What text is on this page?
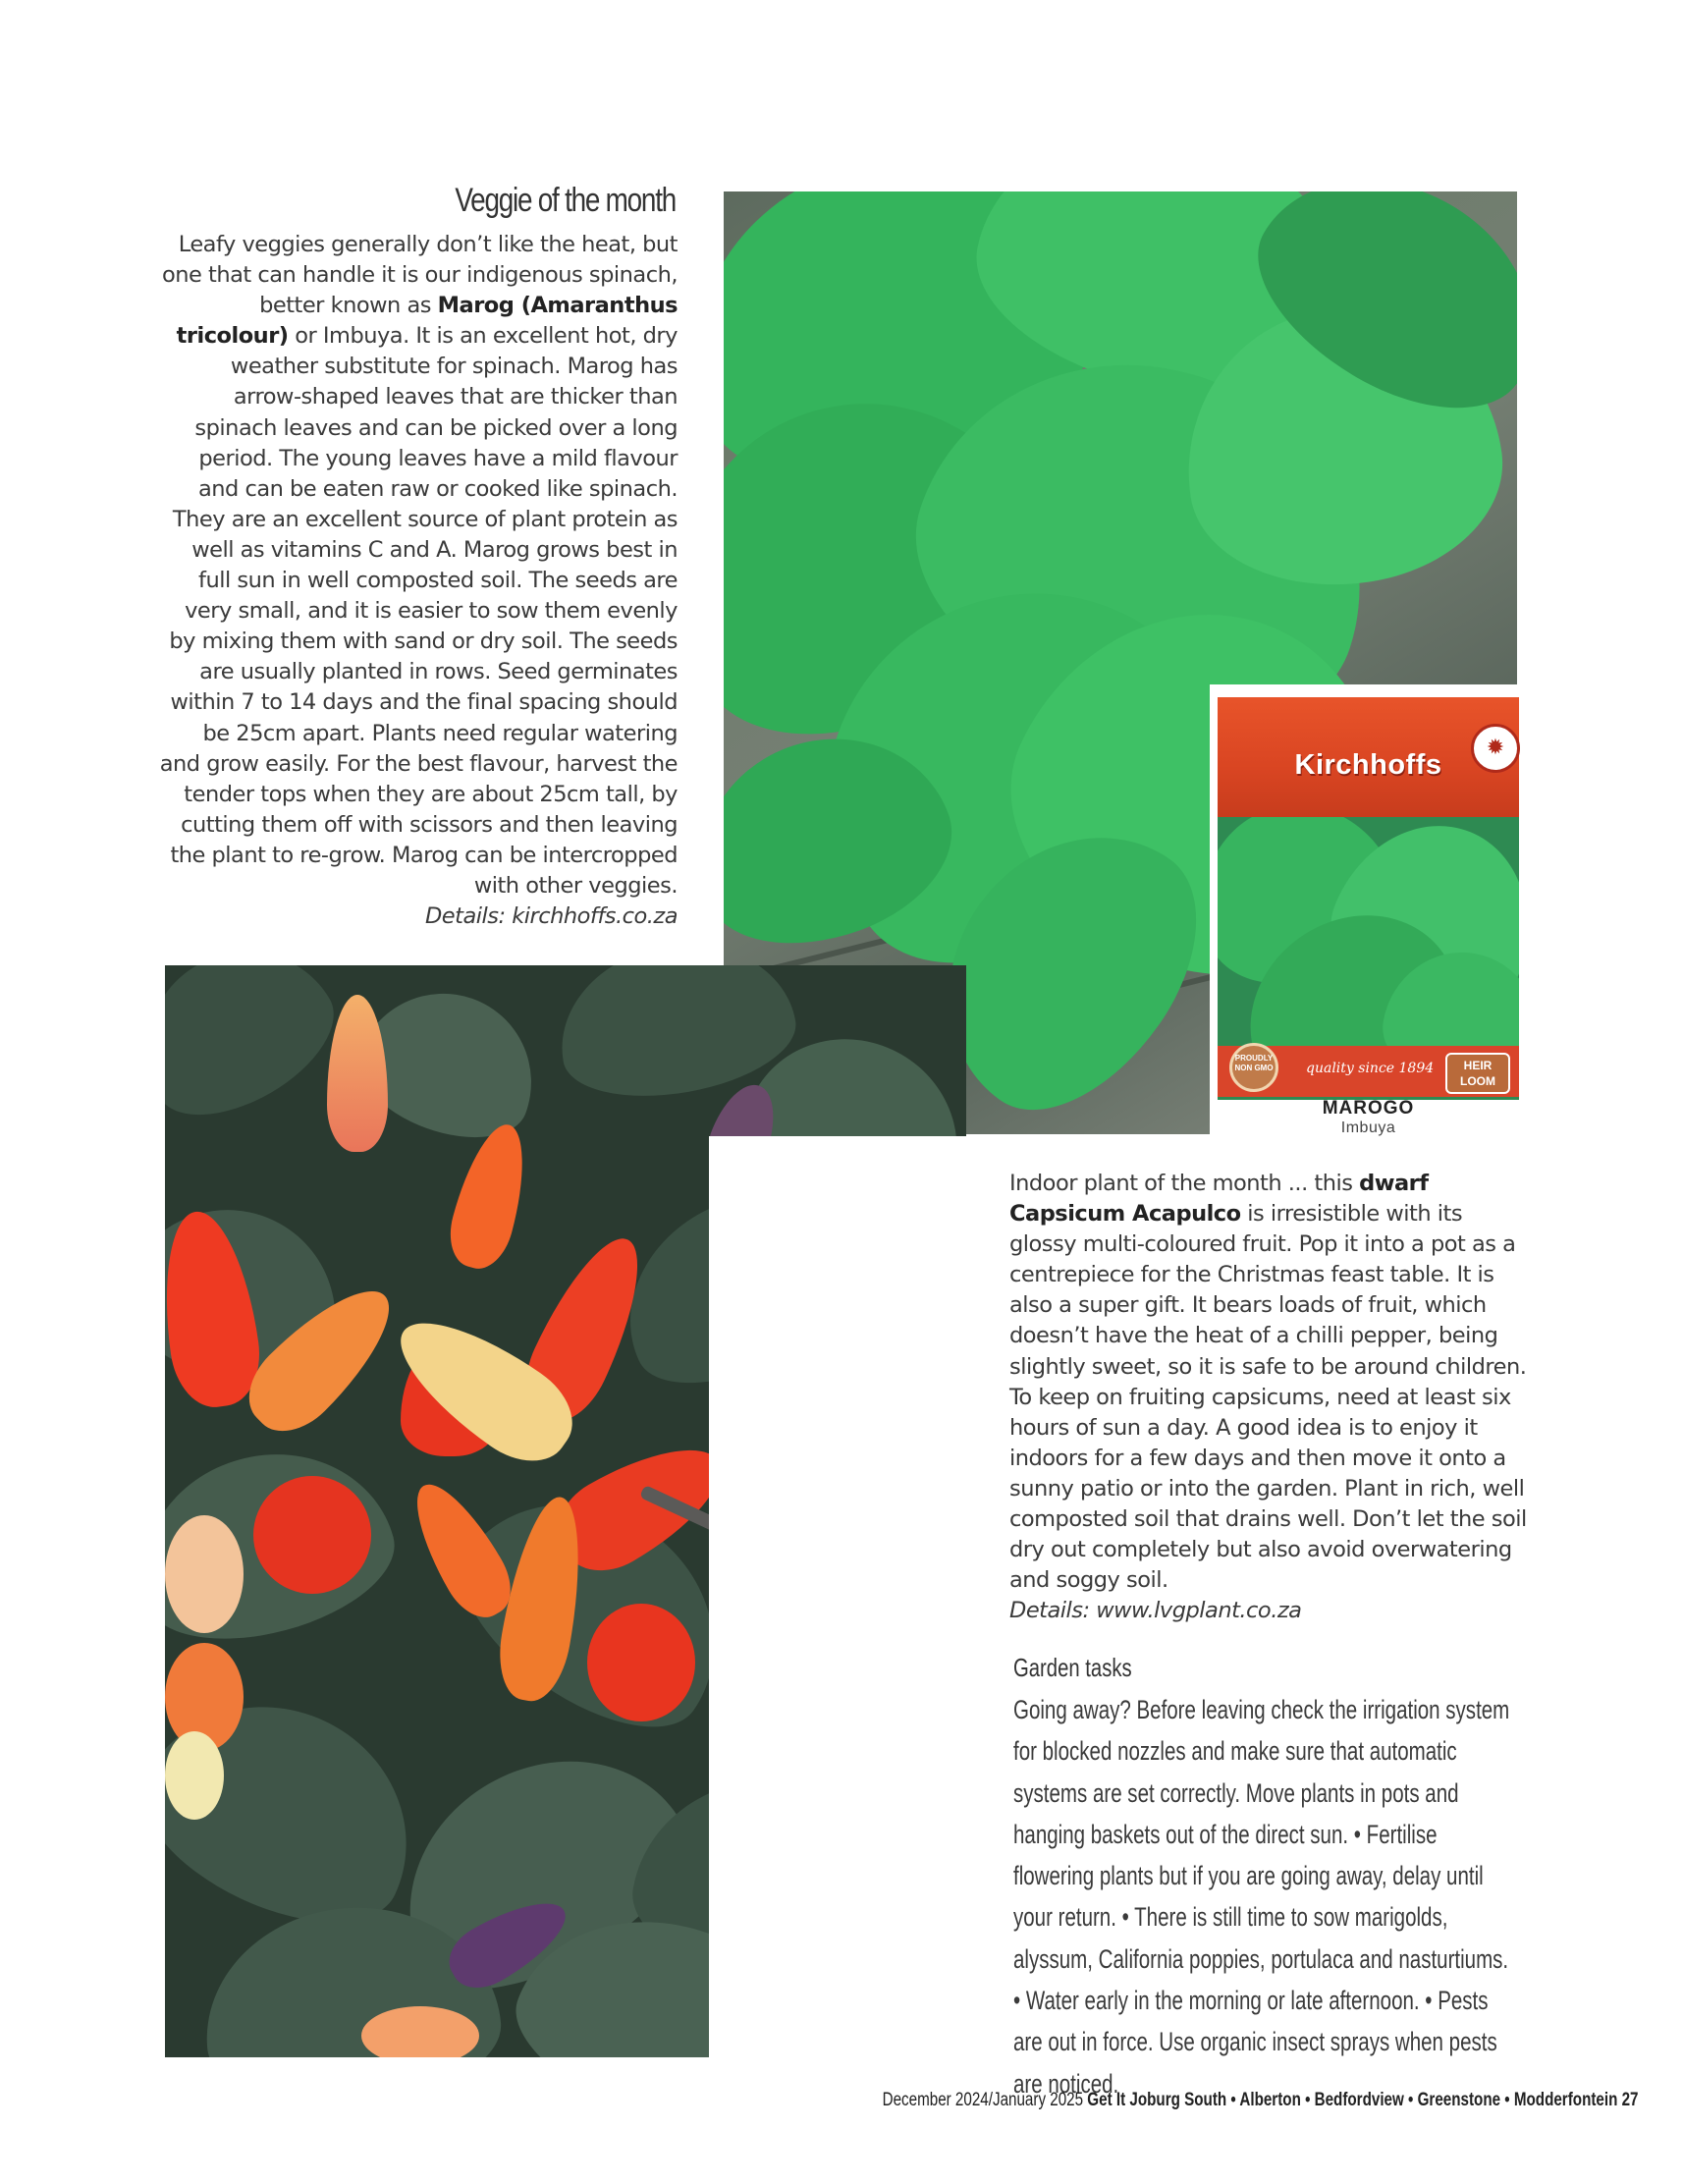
Veggie of the month
Leafy veggies generally don’t like the heat, but one that can handle it is our indigenous spinach, better known as Marog (Amaranthus tricolour) or Imbuya. It is an excellent hot, dry weather substitute for spinach. Marog has arrow-shaped leaves that are thicker than spinach leaves and can be picked over a long period. The young leaves have a mild flavour and can be eaten raw or cooked like spinach. They are an excellent source of plant protein as well as vitamins C and A. Marog grows best in full sun in well composted soil. The seeds are very small, and it is easier to sow them evenly by mixing them with sand or dry soil. The seeds are usually planted in rows. Seed germinates within 7 to 14 days and the final spacing should be 25cm apart. Plants need regular watering and grow easily. For the best flavour, harvest the tender tops when they are about 25cm tall, by cutting them off with scissors and then leaving the plant to re-grow. Marog can be intercropped with other veggies.
Details: kirchhoffs.co.za
Kirchhoffs
✹
PROUDLY NON GMO quality since 1894	HEIR LOOM
MAROGO
Imbuya
Indoor plant of the month ... this dwarf Capsicum Acapulco is irresistible with its glossy multi-coloured fruit. Pop it into a pot as a centrepiece for the Christmas feast table. It is also a super gift. It bears loads of fruit, which doesn’t have the heat of a chilli pepper, being slightly sweet, so it is safe to be around children. To keep on fruiting capsicums, need at least six hours of sun a day. A good idea is to enjoy it indoors for a few days and then move it onto a sunny patio or into the garden. Plant in rich, well composted soil that drains well. Don’t let the soil dry out completely but also avoid overwatering and soggy soil.
Details: www.lvgplant.co.za
Garden tasks
Going away? Before leaving check the irrigation system for blocked nozzles and make sure that automatic systems are set correctly. Move plants in pots and hanging baskets out of the direct sun. • Fertilise flowering plants but if you are going away, delay until your return. • There is still time to sow marigolds, alyssum, California poppies, portulaca and nasturtiums. • Water early in the morning or late afternoon. • Pests are out in force. Use organic insect sprays when pests are noticed.
December 2024/January 2025 Get It Joburg South • Alberton • Bedfordview • Greenstone • Modderfontein 27
